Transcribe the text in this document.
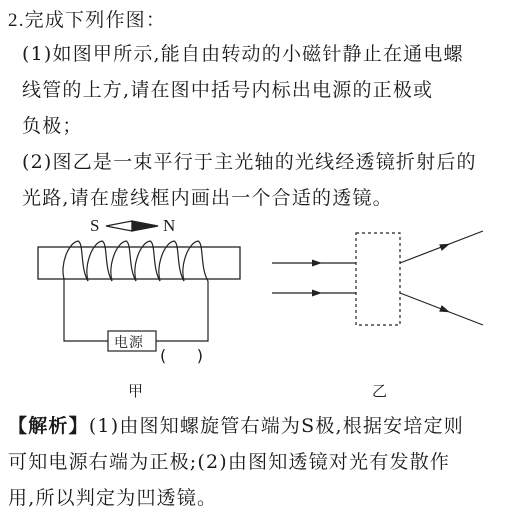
2.完成下列作图：
(1)如图甲所示,能自由转动的小磁针静止在通电螺
线管的上方,请在图中括号内标出电源的正极或
负极；
(2)图乙是一束平行于主光轴的光线经透镜折射后的
光路,请在虚线框内画出一个合适的透镜。
S	N
电源
(      )
甲	乙
【解析】(1)由图知螺旋管右端为S极,根据安培定则
可知电源右端为正极;(2)由图知透镜对光有发散作
用,所以判定为凹透镜。
